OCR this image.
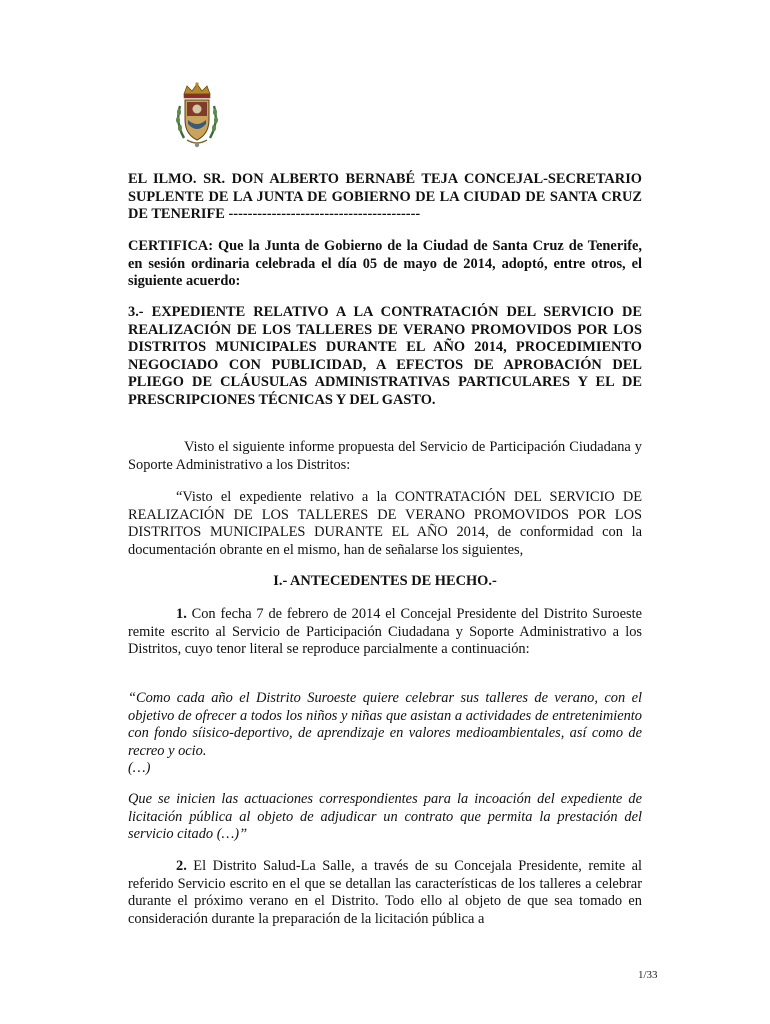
EL ILMO. SR. DON ALBERTO BERNABÉ TEJA CONCEJAL-SECRETARIO SUPLENTE DE LA JUNTA DE GOBIERNO DE LA CIUDAD DE SANTA CRUZ DE TENERIFE ----------------------------------------

CERTIFICA: Que la Junta de Gobierno de la Ciudad de Santa Cruz de Tenerife, en sesión ordinaria celebrada el día 05 de mayo de 2014, adoptó, entre otros, el siguiente acuerdo:

3.- EXPEDIENTE RELATIVO A LA CONTRATACIÓN DEL SERVICIO DE REALIZACIÓN DE LOS TALLERES DE VERANO PROMOVIDOS POR LOS DISTRITOS MUNICIPALES DURANTE EL AÑO 2014, PROCEDIMIENTO NEGOCIADO CON PUBLICIDAD, A EFECTOS DE APROBACIÓN DEL PLIEGO DE CLÁUSULAS ADMINISTRATIVAS PARTICULARES Y EL DE PRESCRIPCIONES TÉCNICAS Y DEL GASTO.

Visto el siguiente informe propuesta del Servicio de Participación Ciudadana y Soporte Administrativo a los Distritos:

“Visto el expediente relativo a la CONTRATACIÓN DEL SERVICIO DE REALIZACIÓN DE LOS TALLERES DE VERANO PROMOVIDOS POR LOS DISTRITOS MUNICIPALES DURANTE EL AÑO 2014, de conformidad con la documentación obrante en el mismo, han de señalarse los siguientes,

I.- ANTECEDENTES DE HECHO.-

1. Con fecha 7 de febrero de 2014 el Concejal Presidente del Distrito Suroeste remite escrito al Servicio de Participación Ciudadana y Soporte Administrativo a los Distritos, cuyo tenor literal se reproduce parcialmente a continuación:

“Como cada año el Distrito Suroeste quiere celebrar sus talleres de verano, con el objetivo de ofrecer a todos los niños y niñas que asistan a actividades de entretenimiento con fondo síisico-deportivo, de aprendizaje en valores medioambientales, así como de recreo y ocio.

(…)

Que se inicien las actuaciones correspondientes para la incoación del expediente de licitación pública al objeto de adjudicar un contrato que permita la prestación del servicio citado (…)”

2. El Distrito Salud-La Salle, a través de su Concejala Presidente, remite al referido Servicio escrito en el que se detallan las características de los talleres a celebrar durante el próximo verano en el Distrito. Todo ello al objeto de que sea tomado en consideración durante la preparación de la licitación pública a

1/33
